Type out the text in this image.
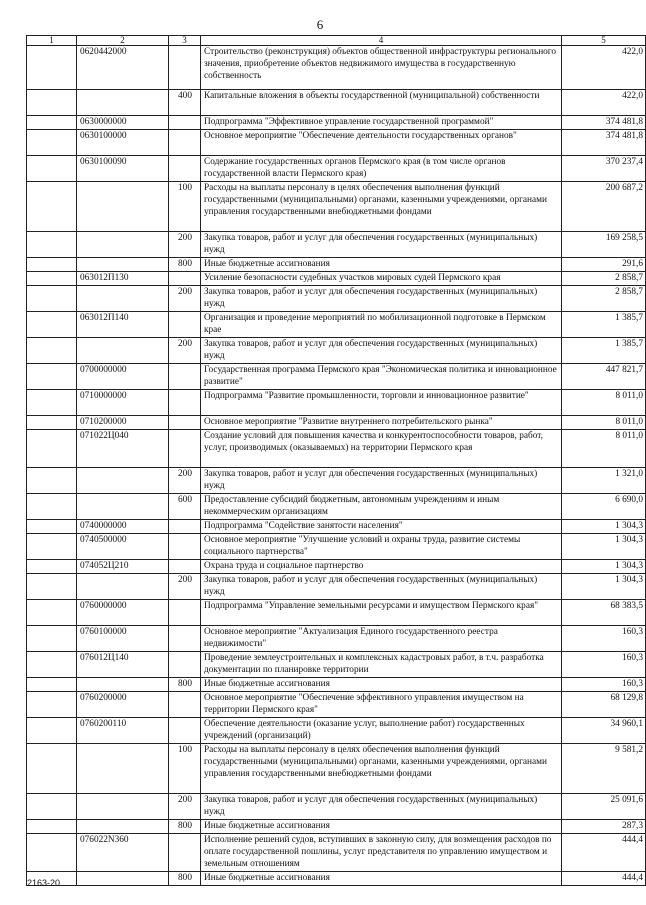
6
1	2	3	4	5
	0620442000		Строительство (реконструкция) объектов общественной инфраструктуры регионального значения, приобретение объектов недвижимого имущества в государственную собственность	422,0
		400	Капитальные вложения в объекты государственной (муниципальной) собственности	422,0
	0630000000		Подпрограмма "Эффективное управление государственной программой"	374 481,8
	0630100000		Основное мероприятие "Обеспечение деятельности государственных органов"	374 481,8
	0630100090		Содержание государственных органов Пермского края (в том числе органов государственной власти Пермского края)	370 237,4
		100	Расходы на выплаты персоналу в целях обеспечения выполнения функций государственными (муниципальными) органами, казенными учреждениями, органами управления государственными внебюджетными фондами	200 687,2
		200	Закупка товаров, работ и услуг для обеспечения государственных (муниципальных) нужд	169 258,5
		800	Иные бюджетные ассигнования	291,6
	063012П130		Усиление безопасности судебных участков мировых судей Пермского края	2 858,7
		200	Закупка товаров, работ и услуг для обеспечения государственных (муниципальных) нужд	2 858,7
	063012П140		Организация и проведение мероприятий по мобилизационной подготовке в Пермском крае	1 385,7
		200	Закупка товаров, работ и услуг для обеспечения государственных (муниципальных) нужд	1 385,7
	0700000000		Государственная программа Пермского края "Экономическая политика и инновационное развитие"	447 821,7
	0710000000		Подпрограмма "Развитие промышленности, торговли и инновационное развитие"	8 011,0
	0710200000		Основное мероприятие "Развитие внутреннего потребительского рынка"	8 011,0
	071022Ц040		Создание условий для повышения качества и конкурентоспособности товаров, работ, услуг, производимых (оказываемых) на территории Пермского края	8 011,0
		200	Закупка товаров, работ и услуг для обеспечения государственных (муниципальных) нужд	1 321,0
		600	Предоставление субсидий бюджетным, автономным учреждениям и иным некоммерческим организациям	6 690,0
	0740000000		Подпрограмма "Содействие занятости населения"	1 304,3
	0740500000		Основное мероприятие "Улучшение условий и охраны труда, развитие системы социального партнерства"	1 304,3
	074052Ц210		Охрана труда и социальное партнерство	1 304,3
		200	Закупка товаров, работ и услуг для обеспечения государственных (муниципальных) нужд	1 304,3
	0760000000		Подпрограмма "Управление земельными ресурсами и имуществом Пермского края"	68 383,5
	0760100000		Основное мероприятие "Актуализация Единого государственного реестра недвижимости"	160,3
	076012Ц140		Проведение землеустроительных и комплексных кадастровых работ, в т.ч. разработка документации по планировке территории	160,3
		800	Иные бюджетные ассигнования	160,3
	0760200000		Основное мероприятие "Обеспечение эффективного управления имуществом на территории Пермского края"	68 129,8
	0760200110		Обеспечение деятельности (оказание услуг, выполнение работ) государственных учреждений (организаций)	34 960,1
		100	Расходы на выплаты персоналу в целях обеспечения выполнения функций государственными (муниципальными) органами, казенными учреждениями, органами управления государственными внебюджетными фондами	9 581,2
		200	Закупка товаров, работ и услуг для обеспечения государственных (муниципальных) нужд	25 091,6
		800	Иные бюджетные ассигнования	287,3
	076022N360		Исполнение решений судов, вступивших в законную силу, для возмещения расходов по оплате государственной пошлины, услуг представителя по управлению имуществом и земельным отношениям	444,4
		800	Иные бюджетные ассигнования	444,4
2163-20
